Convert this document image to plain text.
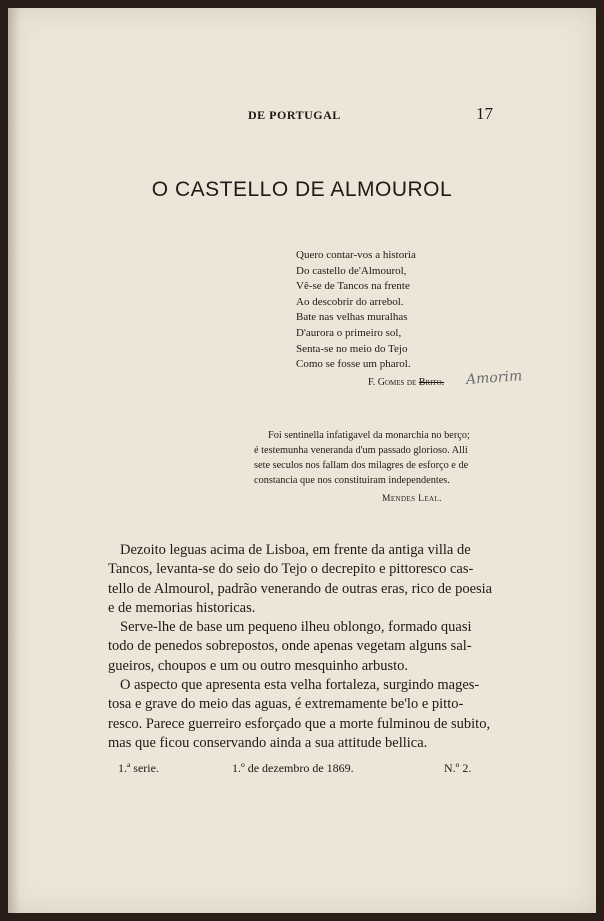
DE PORTUGAL	17
O CASTELLO DE ALMOUROL
Quero contar-vos a historia
Do castello de'Almourol,
Vê-se de Tancos na frente
Ao descobrir do arrebol.
Bate nas velhas muralhas
D'aurora o primeiro sol,
Senta-se no meio do Tejo
Como se fosse um pharol.
F. Gomes de Brito. Amorim
Foi sentinella infatigavel da monarchia no berço;
é testemunha veneranda d'um passado glorioso. Alli
sete seculos nos fallam dos milagres de esforço e de
constancia que nos constituiram independentes.
Mendes Leal.
Dezoito leguas acima de Lisboa, em frente da antiga villa de
Tancos, levanta-se do seio do Tejo o decrepito e pittoresco cas-
tello de Almourol, padrão venerando de outras eras, rico de poesia
e de memorias historicas.
Serve-lhe de base um pequeno ilheu oblongo, formado quasi
todo de penedos sobrepostos, onde apenas vegetam alguns sal-
gueiros, choupos e um ou outro mesquinho arbusto.
O aspecto que apresenta esta velha fortaleza, surgindo mages-
tosa e grave do meio das aguas, é extremamente be'lo e pitto-
resco. Parece guerreiro esforçado que a morte fulminou de subito,
mas que ficou conservando ainda a sua attitude bellica.
1.ª serie.	1.º de dezembro de 1869.	N.º 2.
